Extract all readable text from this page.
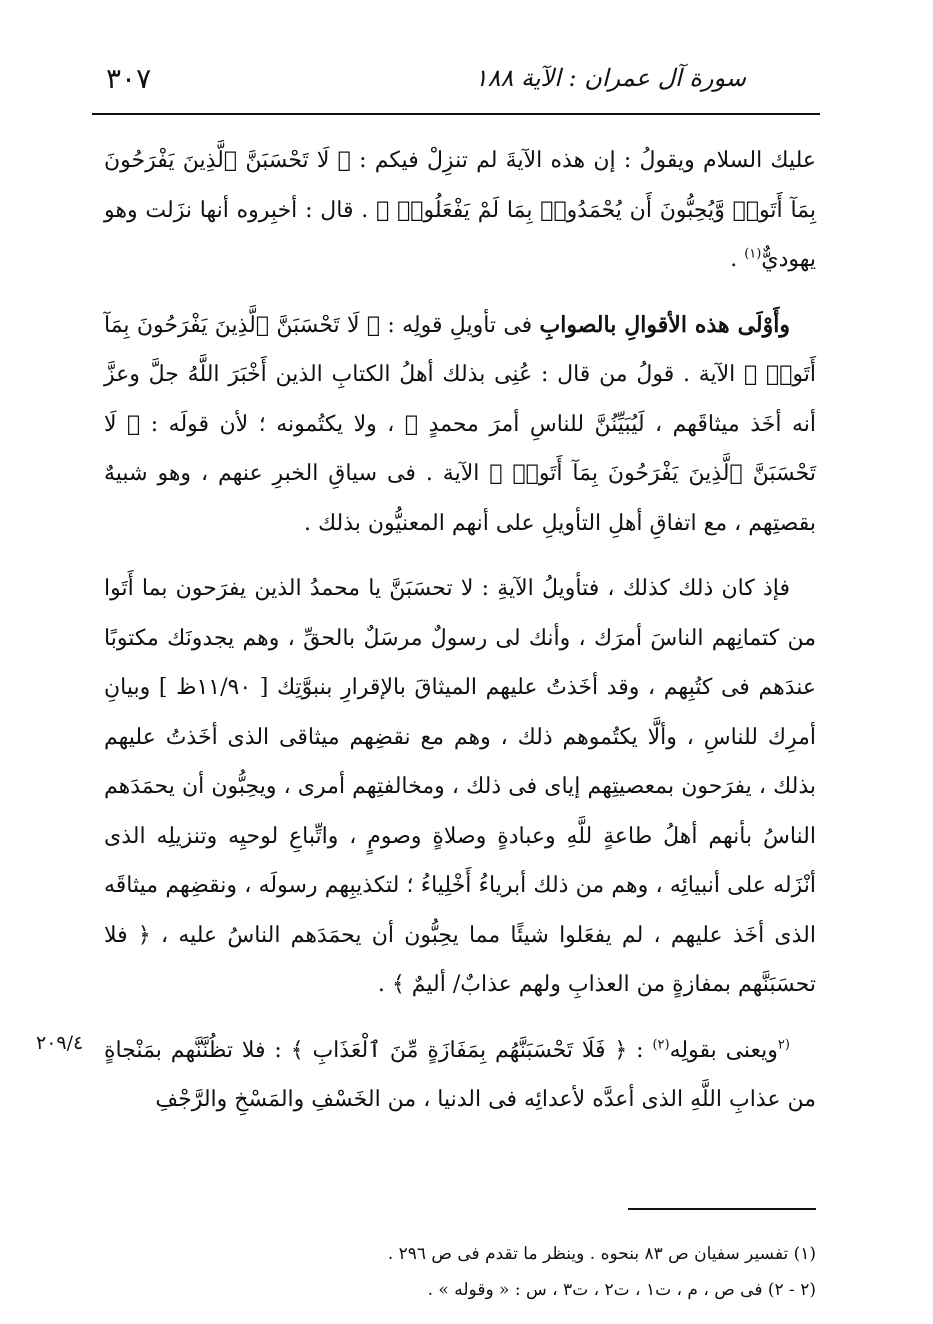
٣٠٧	سورة آل عمران : الآية ١٨٨

عليك السلام ويقولُ : إن هذه الآيةَ لم تنزِلْ فيكم : ﴿ لَا تَحْسَبَنَّ ٱلَّذِينَ يَفْرَحُونَ بِمَآ أَتَوا۟ وَّيُحِبُّونَ أَن يُحْمَدُوا۟ بِمَا لَمْ يَفْعَلُوا۟ ﴾ . قال : أخبِروه أنها نزَلت وهو يهوديٌّ$^{(١)}$ .

وأَوْلَى هذه الأقوالِ بالصوابِ فى تأويلِ قولِه : ﴿ لَا تَحْسَبَنَّ ٱلَّذِينَ يَفْرَحُونَ بِمَآ أَتَوا۟ ﴾ الآية . قولُ من قال : عُنِى بذلك أهلُ الكتابِ الذين أَخْبَرَ اللَّهُ جلَّ وعزَّ أنه أخَذ ميثاقَهم ، لَيُبَيِّنُنَّ للناسِ أمرَ محمدٍ ﷺ ، ولا يكتُمونه ؛ لأن قولَه : ﴿ لَا تَحْسَبَنَّ ٱلَّذِينَ يَفْرَحُونَ بِمَآ أَتَوا۟ ﴾ الآية . فى سياقِ الخبرِ عنهم ، وهو شبيهٌ بقصتِهم ، مع اتفاقِ أهلِ التأويلِ على أنهم المعنيُّون بذلك .

فإذ كان ذلك كذلك ، فتأويلُ الآيةِ : لا تحسَبَنَّ يا محمدُ الذين يفرَحون بما أَتَوا من كتمانِهم الناسَ أمرَك ، وأنك لى رسولٌ مرسَلٌ بالحقِّ ، وهم يجدونَك مكتوبًا عندَهم فى كتُبِهم ، وقد أخَذتُ عليهم الميثاقَ بالإقرارِ بنبوَّتِك [ ١١/٩٠ظ ] وبيانِ أمرِك للناسِ ، وألَّا يكتُموهم ذلك ، وهم مع نقضِهم ميثاقى الذى أخَذتُ عليهم بذلك ، يفرَحون بمعصيتِهم إياى فى ذلك ، ومخالفتِهم أمرى ، ويحِبُّون أن يحمَدَهم الناسُ بأنهم أهلُ طاعةٍ للَّهِ وعبادةٍ وصلاةٍ وصومٍ ، واتِّباعِ لوحيِه وتنزيلِه الذى أنْزَله على أنبيائِه ، وهم من ذلك أبرياءُ أَخْلِياءُ ؛ لتكذيبِهم رسولَه ، ونقضِهم ميثاقَه الذى أخَذ عليهم ، لم يفعَلوا شيئًا مما يحِبُّون أن يحمَدَهم الناسُ عليه ، ﴿ فلا تحسَبَنَّهم بمفازةٍ من العذابِ ولهم عذابٌ/ أليمٌ ﴾ .

$^{(٢}$ويعنى بقولِه$^{(٢)}$ : ﴿ فَلَا تَحْسَبَنَّهُم بِمَفَازَةٍ مِّنَ ٱلْعَذَابِ ﴾ : فلا تظُنَّنَّهم بمَنْجاةٍ من عذابِ اللَّهِ الذى أعدَّه لأعدائِه فى الدنيا ، من الخَسْفِ والمَسْخِ والرَّجْفِ

٢٠٩/٤

(١) تفسير سفيان ص ٨٣ بنحوه . وينظر ما تقدم فى ص ٢٩٦ .

(٢ - ٢) فى ص ، م ، ت١ ، ت٢ ، ت٣ ، س : « وقوله » .
